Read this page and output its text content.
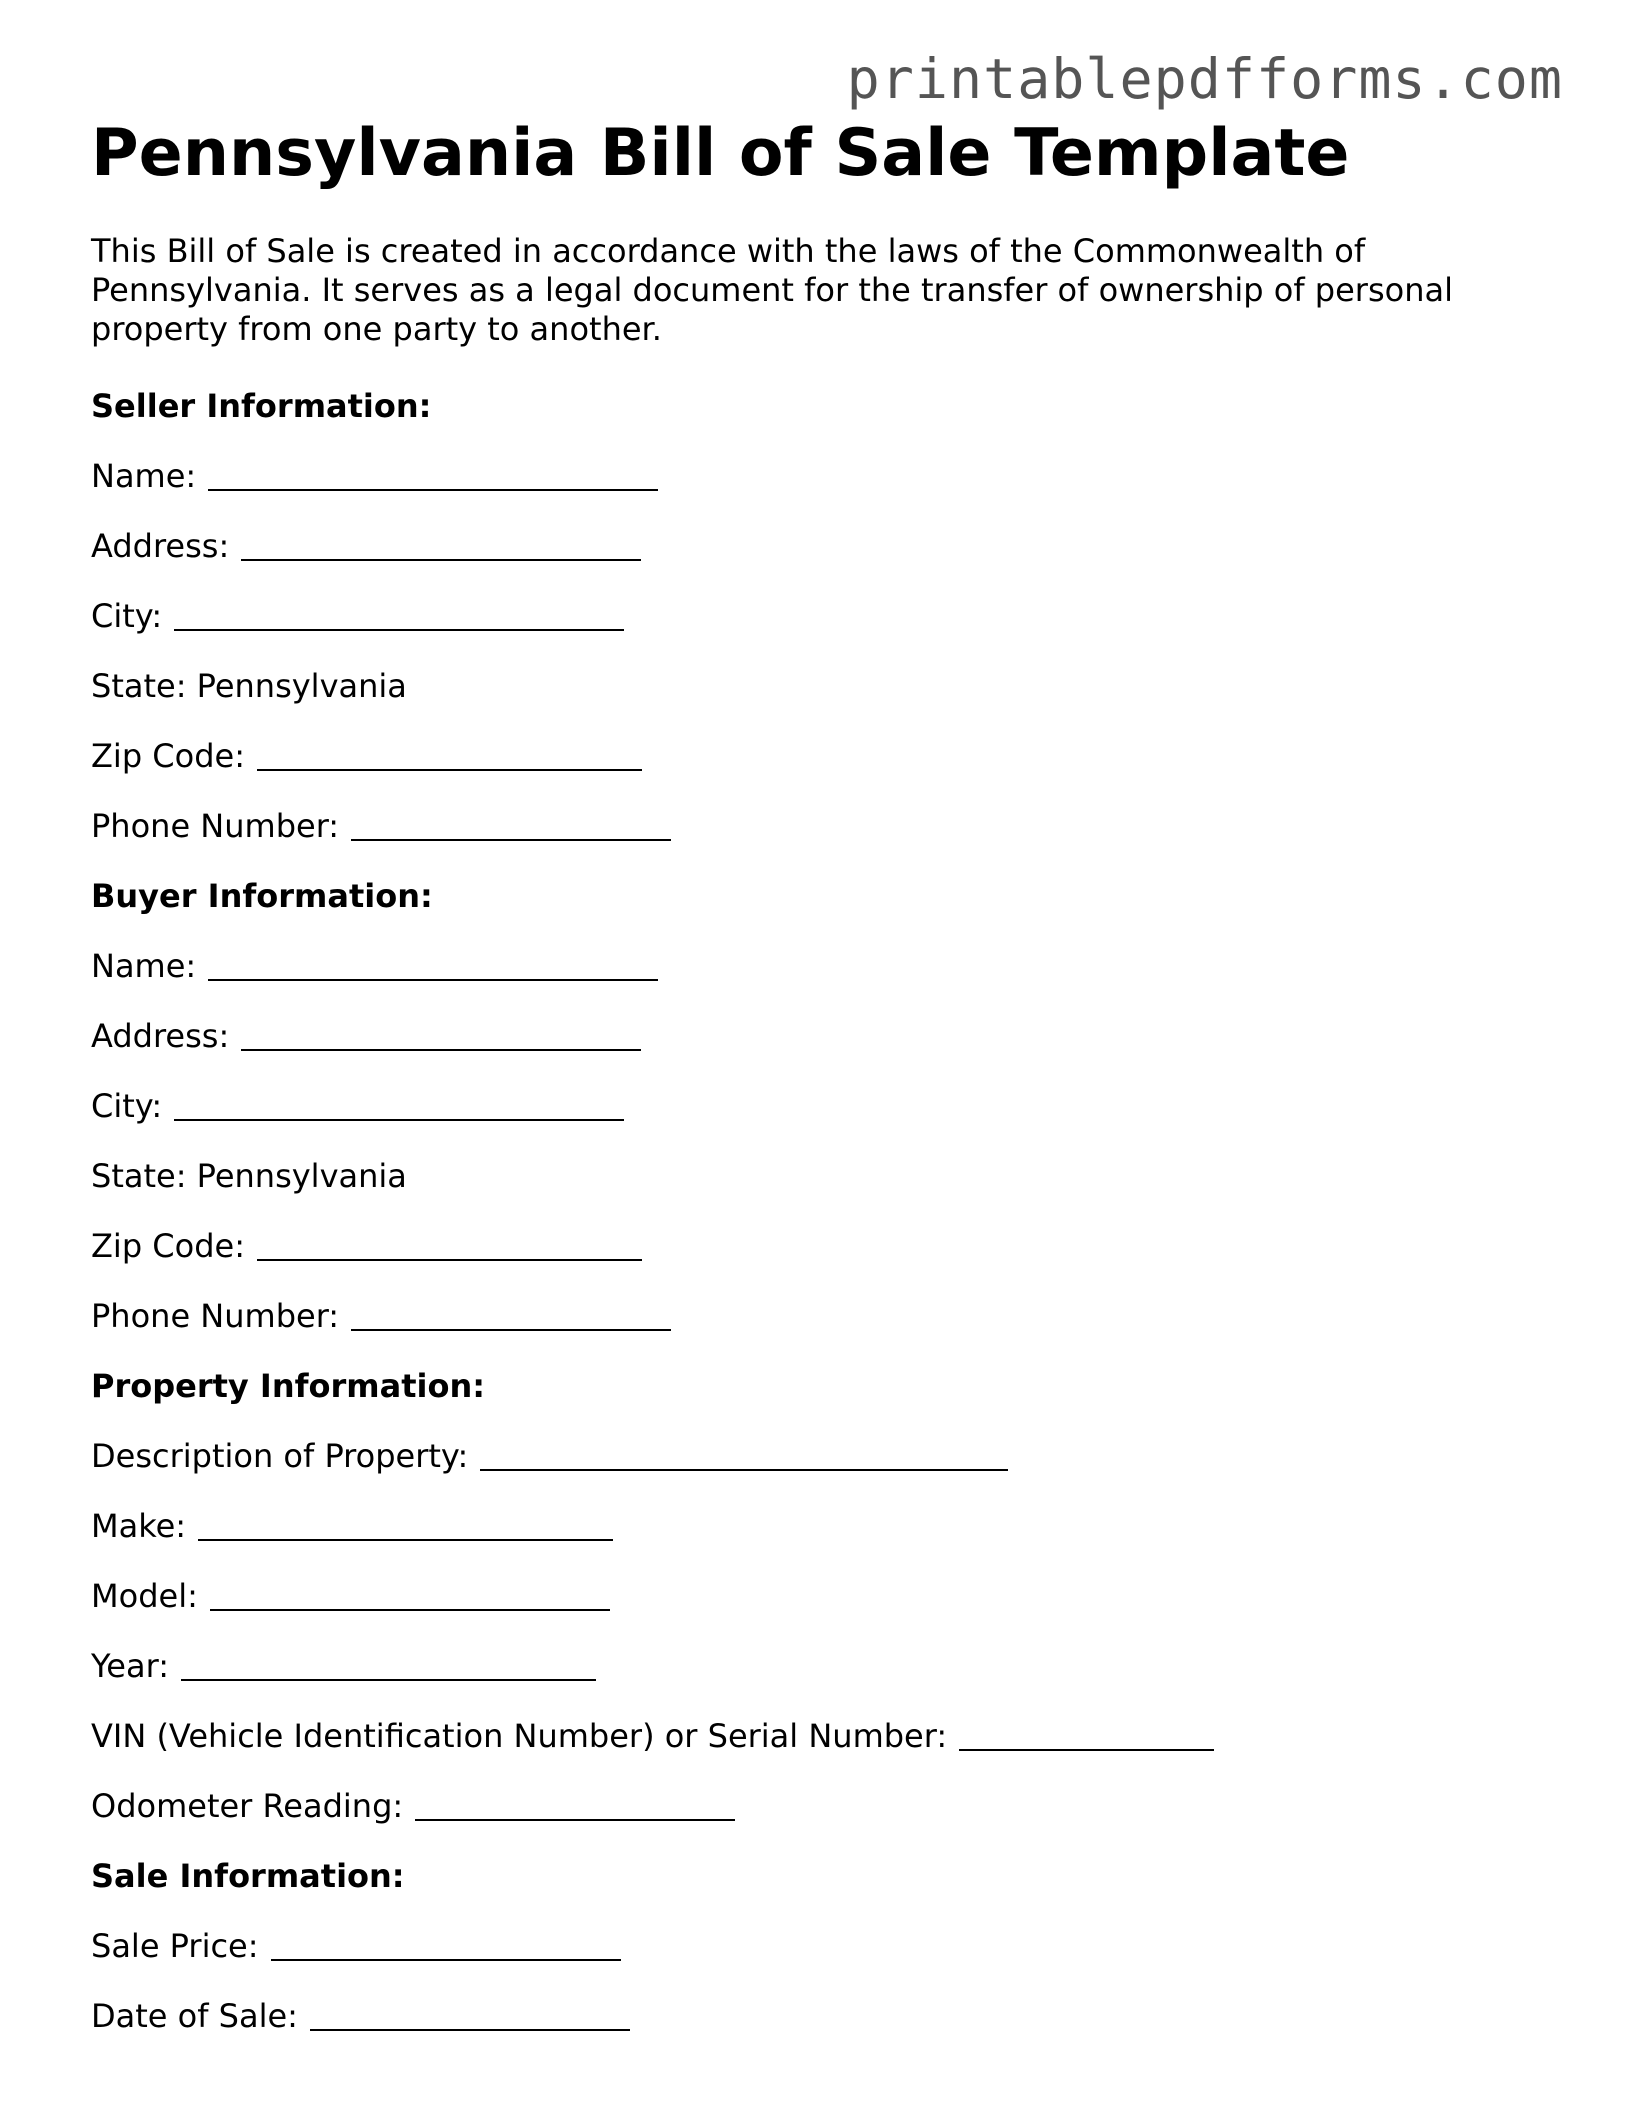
printablepdfforms.com
Pennsylvania Bill of Sale Template

This Bill of Sale is created in accordance with the laws of the Commonwealth of Pennsylvania. It serves as a legal document for the transfer of ownership of personal property from one party to another.

Seller Information:
Name:
Address:
City:
State: Pennsylvania
Zip Code:
Phone Number:
Buyer Information:
Name:
Address:
City:
State: Pennsylvania
Zip Code:
Phone Number:
Property Information:
Description of Property:
Make:
Model:
Year:
VIN (Vehicle Identification Number) or Serial Number:
Odometer Reading:
Sale Information:
Sale Price:
Date of Sale:
